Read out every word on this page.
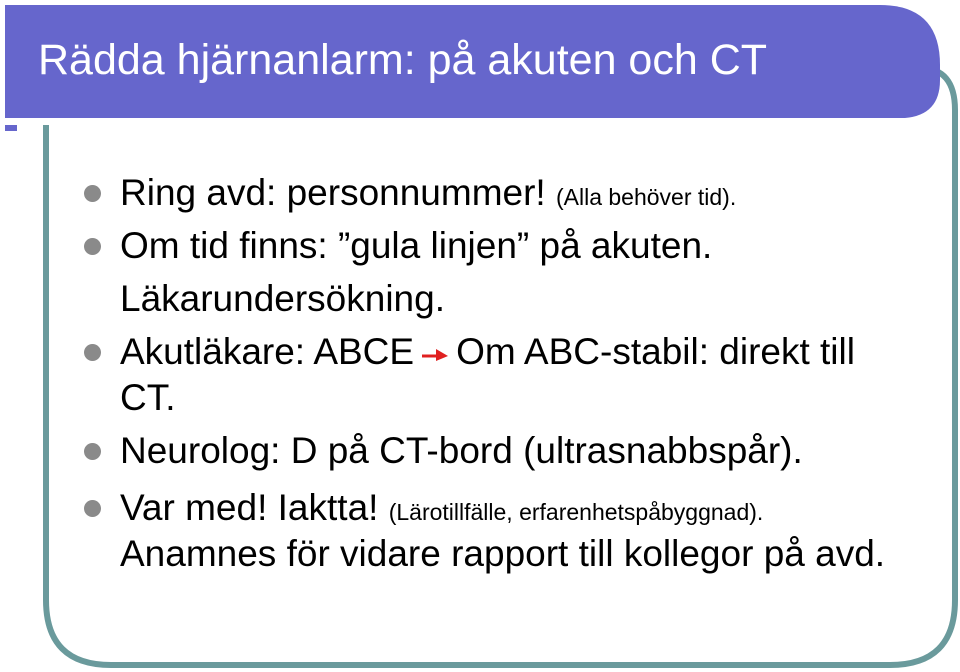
Rädda hjärnanlarm: på akuten och CT
Ring avd: personnummer! (Alla behöver tid).
Om tid finns: ”gula linjen” på akuten.
Läkarundersökning.
Akutläkare: ABCE Om ABC-stabil: direkt till
CT.
Neurolog: D på CT-bord (ultrasnabbspår).
Var med! Iaktta! (Lärotillfälle, erfarenhetspåbyggnad).
Anamnes för vidare rapport till kollegor på avd.
